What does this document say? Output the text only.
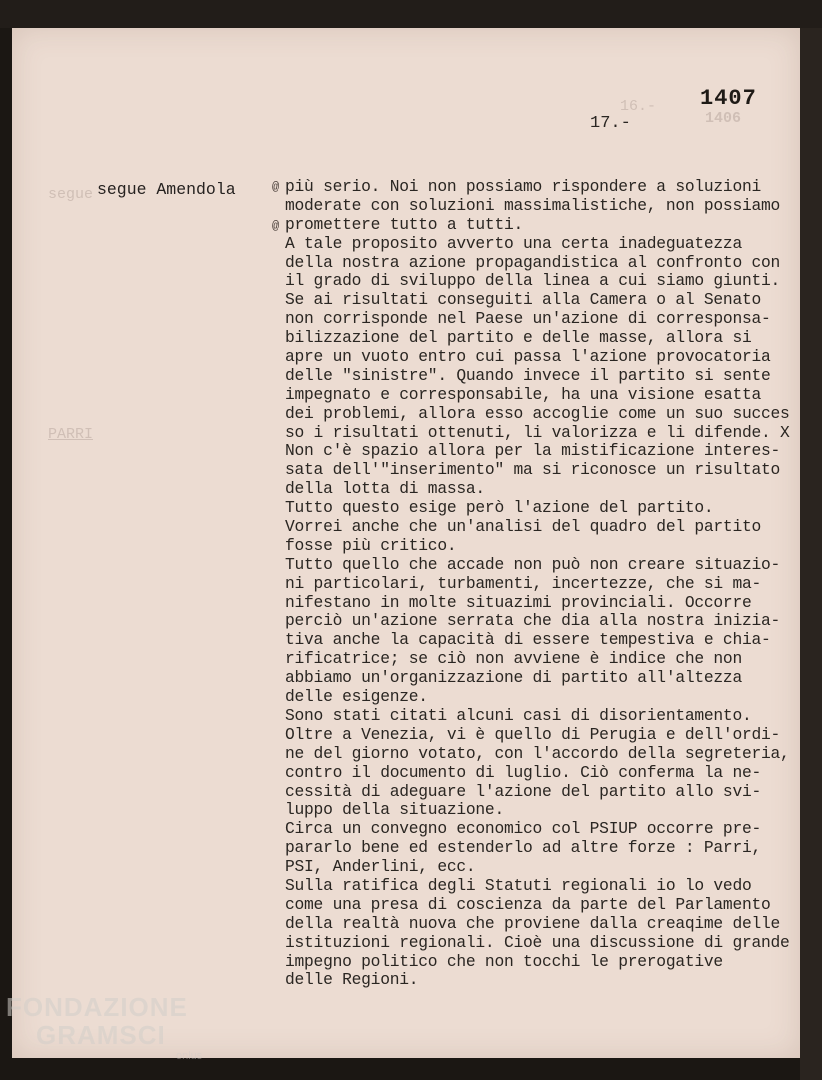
segue
PARRI
16.-
1406
1407
17.-
segue Amendola	@
@
più serio. Noi non possiamo rispondere a soluzioni
moderate con soluzioni massimalistiche, non possiamo
promettere tutto a tutti.
A tale proposito avverto una certa inadeguatezza
della nostra azione propagandistica al confronto con
il grado di sviluppo della linea a cui siamo giunti.
Se ai risultati conseguiti alla Camera o al Senato
non corrisponde nel Paese un'azione di corresponsa-
bilizzazione del partito e delle masse, allora si
apre un vuoto entro cui passa l'azione provocatoria
delle "sinistre". Quando invece il partito si sente
impegnato e corresponsabile, ha una visione esatta
dei problemi, allora esso accoglie come un suo succes
so i risultati ottenuti, li valorizza e li difende. X
Non c'è spazio allora per la mistificazione interes-
sata dell'"inserimento" ma si riconosce un risultato
della lotta di massa.
Tutto questo esige però l'azione del partito.
Vorrei anche che un'analisi del quadro del partito
fosse più critico.
Tutto quello che accade non può non creare situazio-
ni particolari, turbamenti, incertezze, che si ma-
nifestano in molte situazimi provinciali. Occorre
perciò un'azione serrata che dia alla nostra inizia-
tiva anche la capacità di essere tempestiva e chia-
rificatrice; se ciò non avviene è indice che non
abbiamo un'organizzazione di partito all'altezza
delle esigenze.
Sono stati citati alcuni casi di disorientamento.
Oltre a Venezia, vi è quello di Perugia e dell'ordi-
ne del giorno votato, con l'accordo della segreteria,
contro il documento di luglio. Ciò conferma la ne-
cessità di adeguare l'azione del partito allo svi-
luppo della situazione.
Circa un convegno economico col PSIUP occorre pre-
pararlo bene ed estenderlo ad altre forze : Parri,
PSI, Anderlini, ecc.
Sulla ratifica degli Statuti regionali io lo vedo
come una presa di coscienza da parte del Parlamento
della realtà nuova che proviene dalla creaqime delle
istituzioni regionali. Cioè una discussione di grande
impegno politico che non tocchi le prerogative
delle Regioni.
FONDAZIONE
GRAMSCI
onlus
